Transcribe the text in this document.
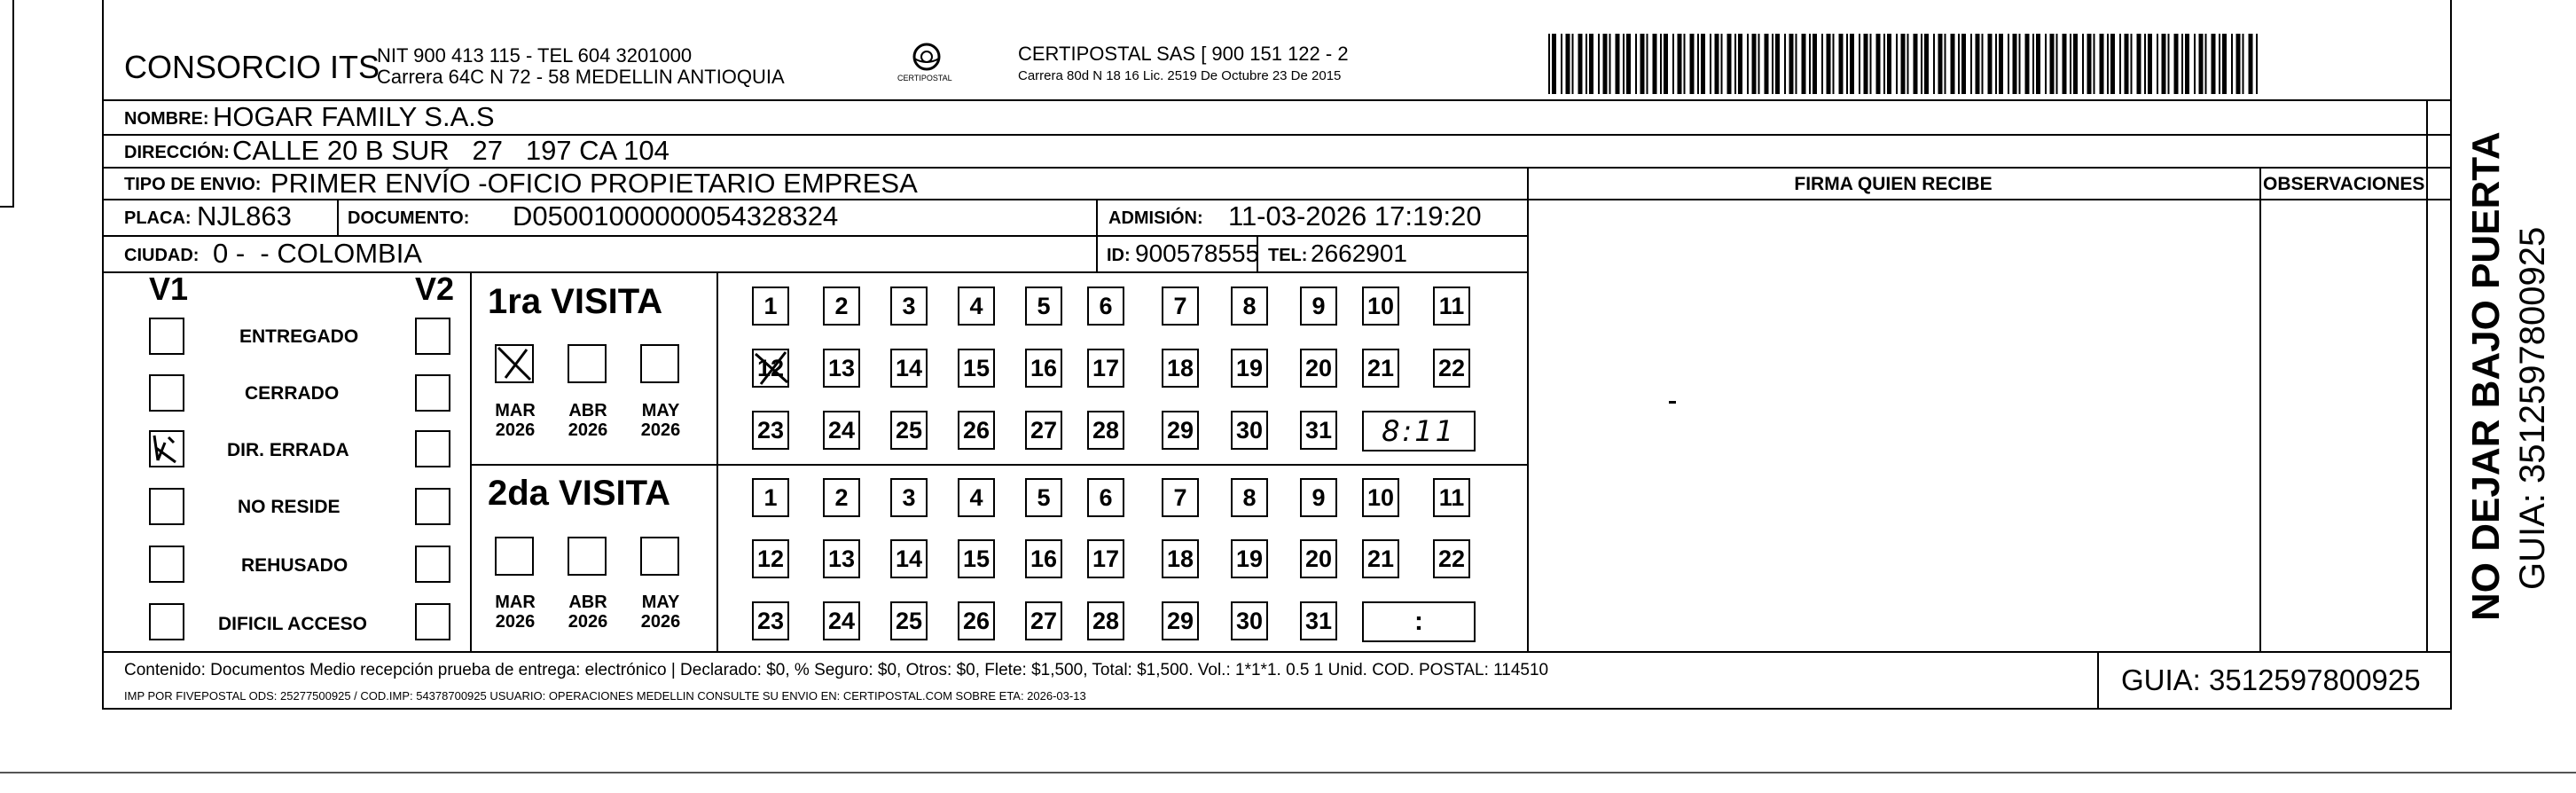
CONSORCIO ITS
NIT 900 413 115 - TEL 604 3201000
Carrera 64C N 72 - 58 MEDELLIN ANTIOQUIA	CERTIPOSTAL
CERTIPOSTAL SAS [ 900 151 122 - 2
Carrera 80d N 18 16 Lic. 2519 De Octubre 23 De 2015
NOMBRE: HOGAR FAMILY S.A.S
DIRECCIÓN: CALLE 20 B SUR   27   197 CA 104
TIPO DE ENVIO: PRIMER ENVÍO -OFICIO PROPIETARIO EMPRESA
PLACA: NJL863	DOCUMENTO: D05001000000054328324	ADMISIÓN: 11-03-2026 17:19:20
CIUDAD: 0 -  - COLOMBIA	ID: 900578555 TEL: 2662901
FIRMA QUIEN RECIBE	OBSERVACIONES
V1	V2
ENTREGADO
CERRADO
DIR. ERRADA
NO RESIDE
REHUSADO
DIFICIL ACCESO
1ra VISITA
MAR
2026
ABR
2026
MAY
2026
1	2	3	4	5	6	7	8	9	10 11
12 13 14 15 16 17 18 19 20 21 22
23 24 25 26 27 28 29 30 31 8:11
2da VISITA
MAR
2026
ABR
2026
MAY
2026
1	2	3	4	5	6	7	8	9	10 11
12 13 14 15 16 17 18 19 20 21 22
23 24 25 26 27 28 29 30 31	:
Contenido: Documentos Medio recepción prueba de entrega: electrónico | Declarado: $0, % Seguro: $0, Otros: $0, Flete: $1,500, Total: $1,500. Vol.: 1*1*1. 0.5 1 Unid. COD. POSTAL: 114510
IMP POR FIVEPOSTAL ODS: 25277500925 / COD.IMP: 54378700925 USUARIO: OPERACIONES MEDELLIN CONSULTE SU ENVIO EN: CERTIPOSTAL.COM SOBRE ETA: 2026-03-13	GUIA: 3512597800925
NO DEJAR BAJO PUERTA GUIA: 3512597800925
